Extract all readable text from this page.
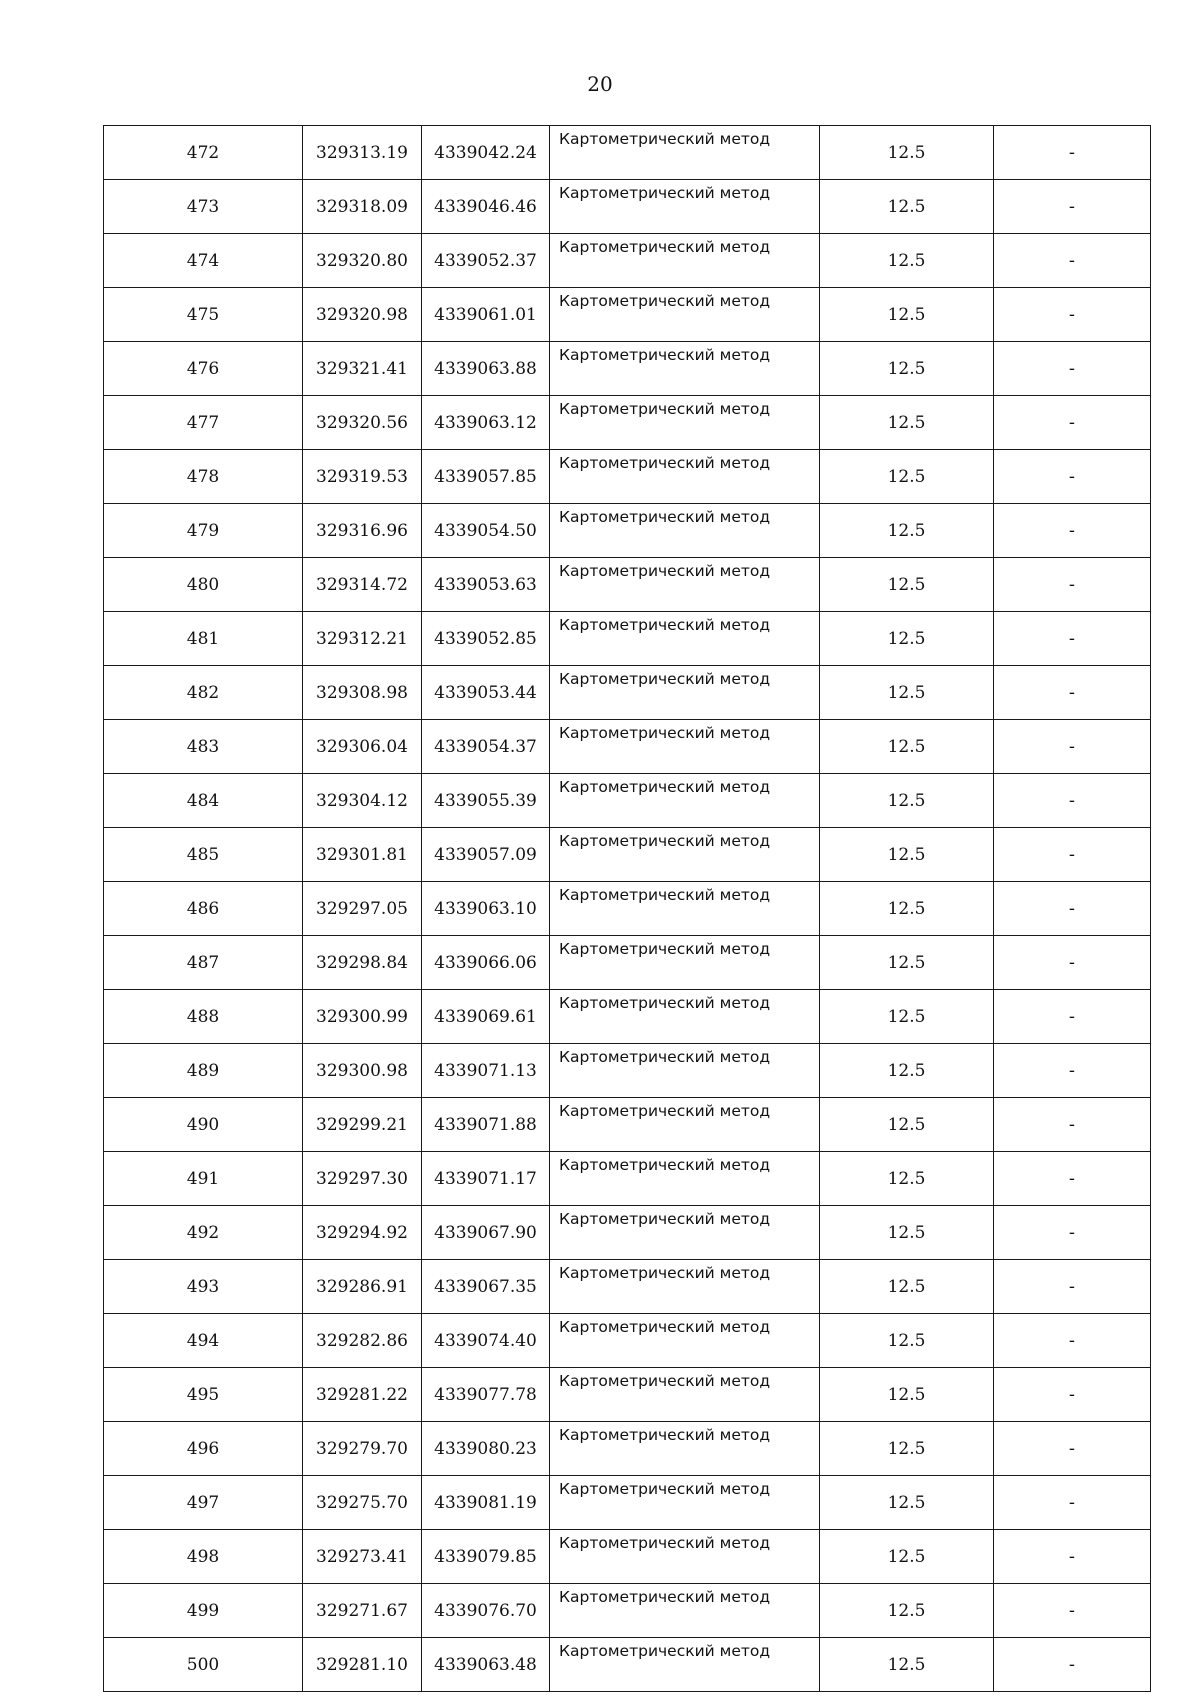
20
472	329313.19	4339042.24	Картометрический метод	12.5	-
473	329318.09	4339046.46	Картометрический метод	12.5	-
474	329320.80	4339052.37	Картометрический метод	12.5	-
475	329320.98	4339061.01	Картометрический метод	12.5	-
476	329321.41	4339063.88	Картометрический метод	12.5	-
477	329320.56	4339063.12	Картометрический метод	12.5	-
478	329319.53	4339057.85	Картометрический метод	12.5	-
479	329316.96	4339054.50	Картометрический метод	12.5	-
480	329314.72	4339053.63	Картометрический метод	12.5	-
481	329312.21	4339052.85	Картометрический метод	12.5	-
482	329308.98	4339053.44	Картометрический метод	12.5	-
483	329306.04	4339054.37	Картометрический метод	12.5	-
484	329304.12	4339055.39	Картометрический метод	12.5	-
485	329301.81	4339057.09	Картометрический метод	12.5	-
486	329297.05	4339063.10	Картометрический метод	12.5	-
487	329298.84	4339066.06	Картометрический метод	12.5	-
488	329300.99	4339069.61	Картометрический метод	12.5	-
489	329300.98	4339071.13	Картометрический метод	12.5	-
490	329299.21	4339071.88	Картометрический метод	12.5	-
491	329297.30	4339071.17	Картометрический метод	12.5	-
492	329294.92	4339067.90	Картометрический метод	12.5	-
493	329286.91	4339067.35	Картометрический метод	12.5	-
494	329282.86	4339074.40	Картометрический метод	12.5	-
495	329281.22	4339077.78	Картометрический метод	12.5	-
496	329279.70	4339080.23	Картометрический метод	12.5	-
497	329275.70	4339081.19	Картометрический метод	12.5	-
498	329273.41	4339079.85	Картометрический метод	12.5	-
499	329271.67	4339076.70	Картометрический метод	12.5	-
500	329281.10	4339063.48	Картометрический метод	12.5	-
